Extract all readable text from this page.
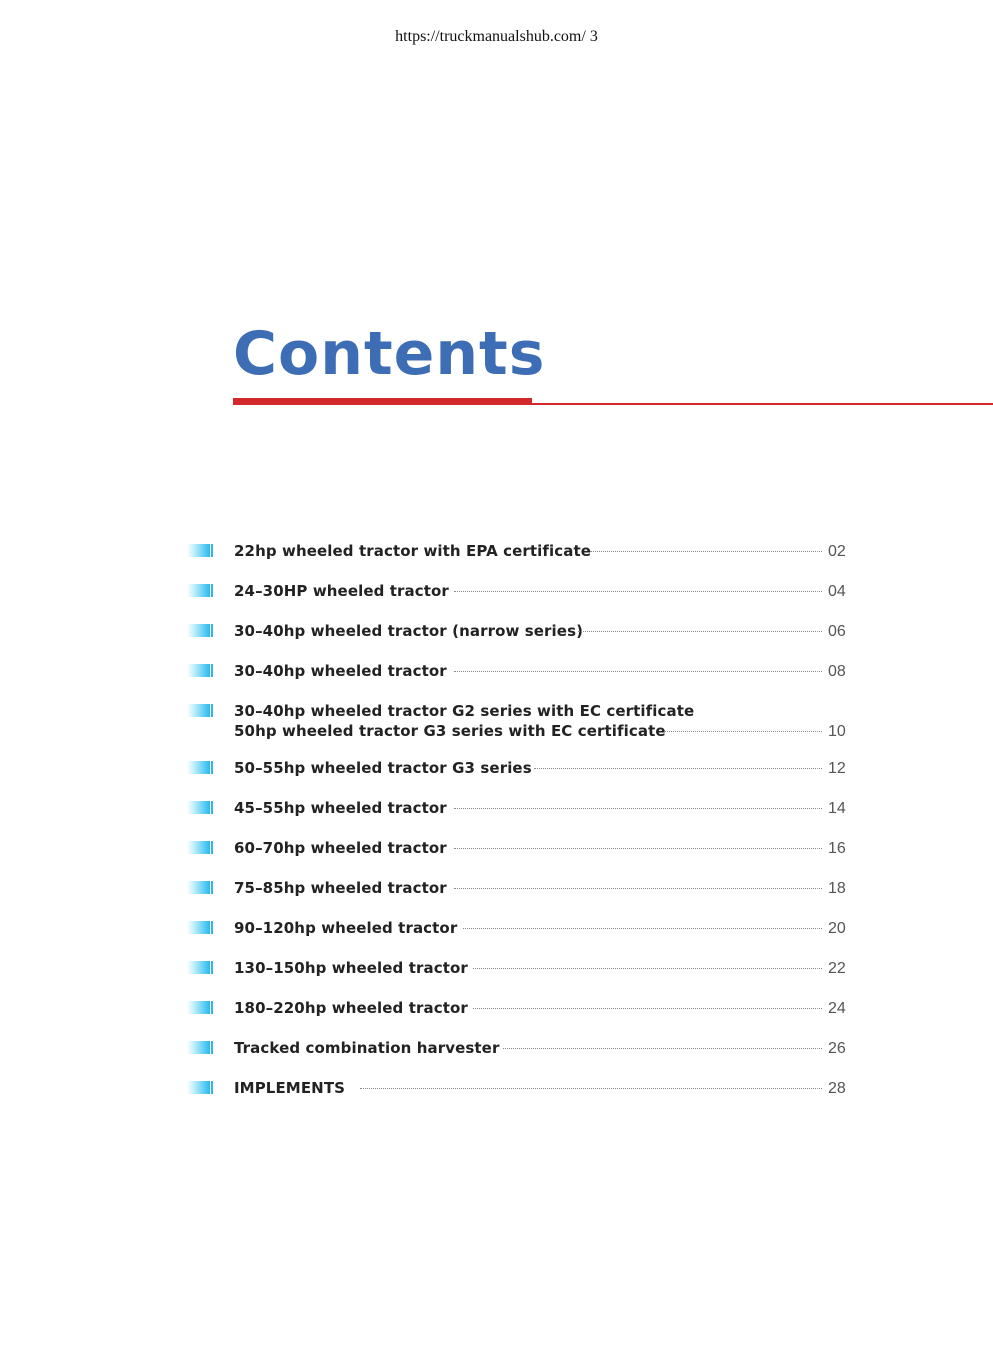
https://truckmanualshub.com/ 3
Contents
22hp wheeled tractor with EPA certificate	02
24–30HP wheeled tractor	04
30–40hp wheeled tractor (narrow series)	06
30–40hp wheeled tractor	08
30–40hp wheeled tractor G2 series with EC certificate
50hp wheeled tractor G3 series with EC certificate	10
50–55hp wheeled tractor G3 series	12
45–55hp wheeled tractor	14
60–70hp wheeled tractor	16
75–85hp wheeled tractor	18
90–120hp wheeled tractor	20
130–150hp wheeled tractor	22
180–220hp wheeled tractor	24
Tracked combination harvester	26
IMPLEMENTS	28
